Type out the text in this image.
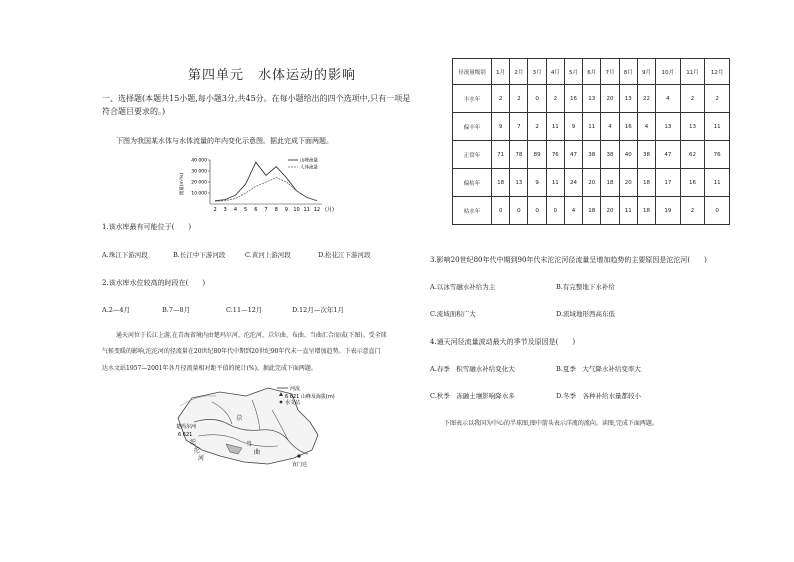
第四单元　水体运动的影响
一、选择题(本题共15小题,每小题3分,共45分。在每小题给出的四个选项中,只有一项是符合题目要求的。)
下图为我国某水体与水体流量的年内变化示意图。据此完成下面两题。
40 000
30 000
20 000
10 000
流量(m³/s)
2 3 4 5 6 7 8 9 10 11 12 (月)
山峰流量
人体流量
1.该水库最有可能位于(　　)
A.珠江下游河段	B.长江中下游河段	C.黄河上游河段	D.松花江下游河段
2.该水库水位较高的时段在(　　)
A.2—4月	B.7—8月	C.11—12月	D.12月—次年1月
通天河位于长江上游,在青海省境内由楚玛尔河、沱沱河、尕尔曲、布曲、当曲汇合而成(下图)。受全球
气候变暖的影响,沱沱河的径流量在20世纪80年代中期到20世纪90年代末一直呈增加趋势。下表示意直门
达水文站1957—2001年各月径流量相对距平值的统计(%)。据此完成下面两题。
河流
6 621 山峰及海拔(m)
水文站
楚玛尔河
6 621
沱
沱
河
尕
当
曲
直门达
径流量级别	1月	2月	3月	4月	5月	6月	7月	8月	9月	10月	11月	12月
丰水年	2	2	0	2	16	13	20	13	22	4	2	2
偏丰年	9	7	2	11	9	11	4	16	4	13	13	11
正常年	71	78	89	76	47	38	38	40	38	47	62	76
偏枯年	18	13	9	11	24	20	18	20	18	17	16	11
枯水年	0	0	0	0	4	18	20	11	18	19	2	0
3.影响20世纪80年代中期到90年代末沱沱河径流量呈增加趋势的主要原因是沱沱河(　　)
A.以冰雪融水补给为主	B.有完整地下水补给
C.流域面积广大	D.流域地形西高东低
4.通天河径流量波动最大的季节及原因是(　　)
A.春季　积雪融水补给变化大	B.夏季　大气降水补给变率大
C.秋季　冻融土壤影响降水多	D.冬季　各种补给水量都较小
下图表示以我国为中心的半球图,图中箭头表示洋流的流向。读图,完成下面两题。
